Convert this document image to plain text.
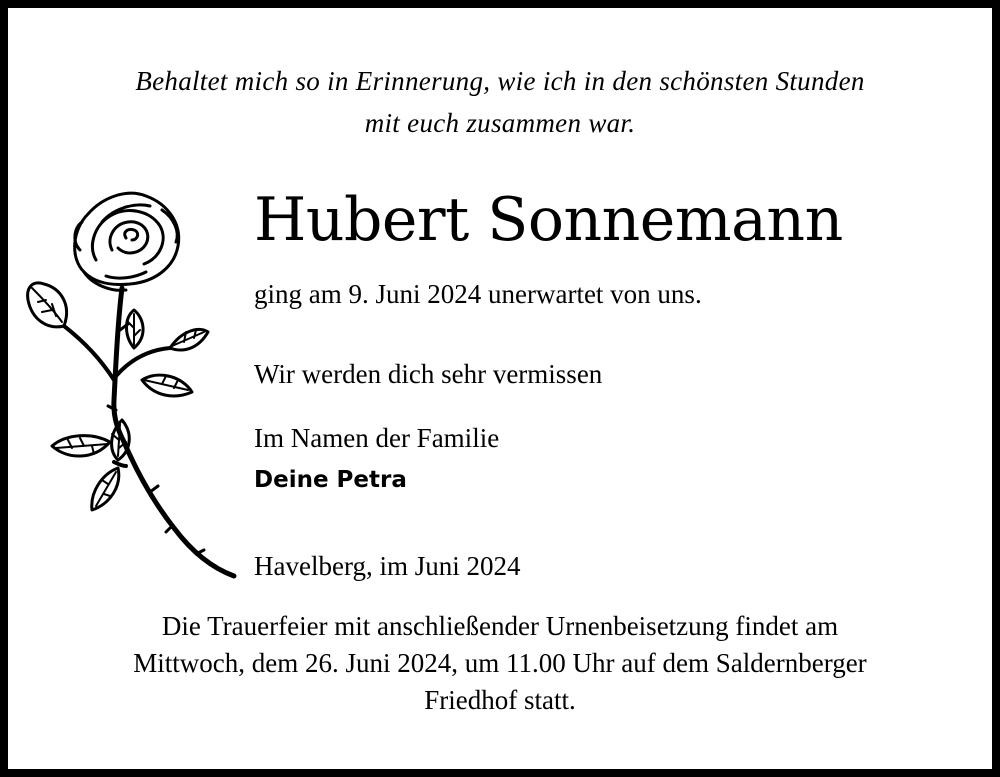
Behaltet mich so in Erinnerung, wie ich in den schönsten Stunden
mit euch zusammen war.
Hubert Sonnemann
ging am 9. Juni 2024 unerwartet von uns.
Wir werden dich sehr vermissen
Im Namen der Familie
Deine Petra
Havelberg, im Juni 2024
Die Trauerfeier mit anschließender Urnenbeisetzung findet am
Mittwoch, dem 26. Juni 2024, um 11.00 Uhr auf dem Saldernberger
Friedhof statt.
